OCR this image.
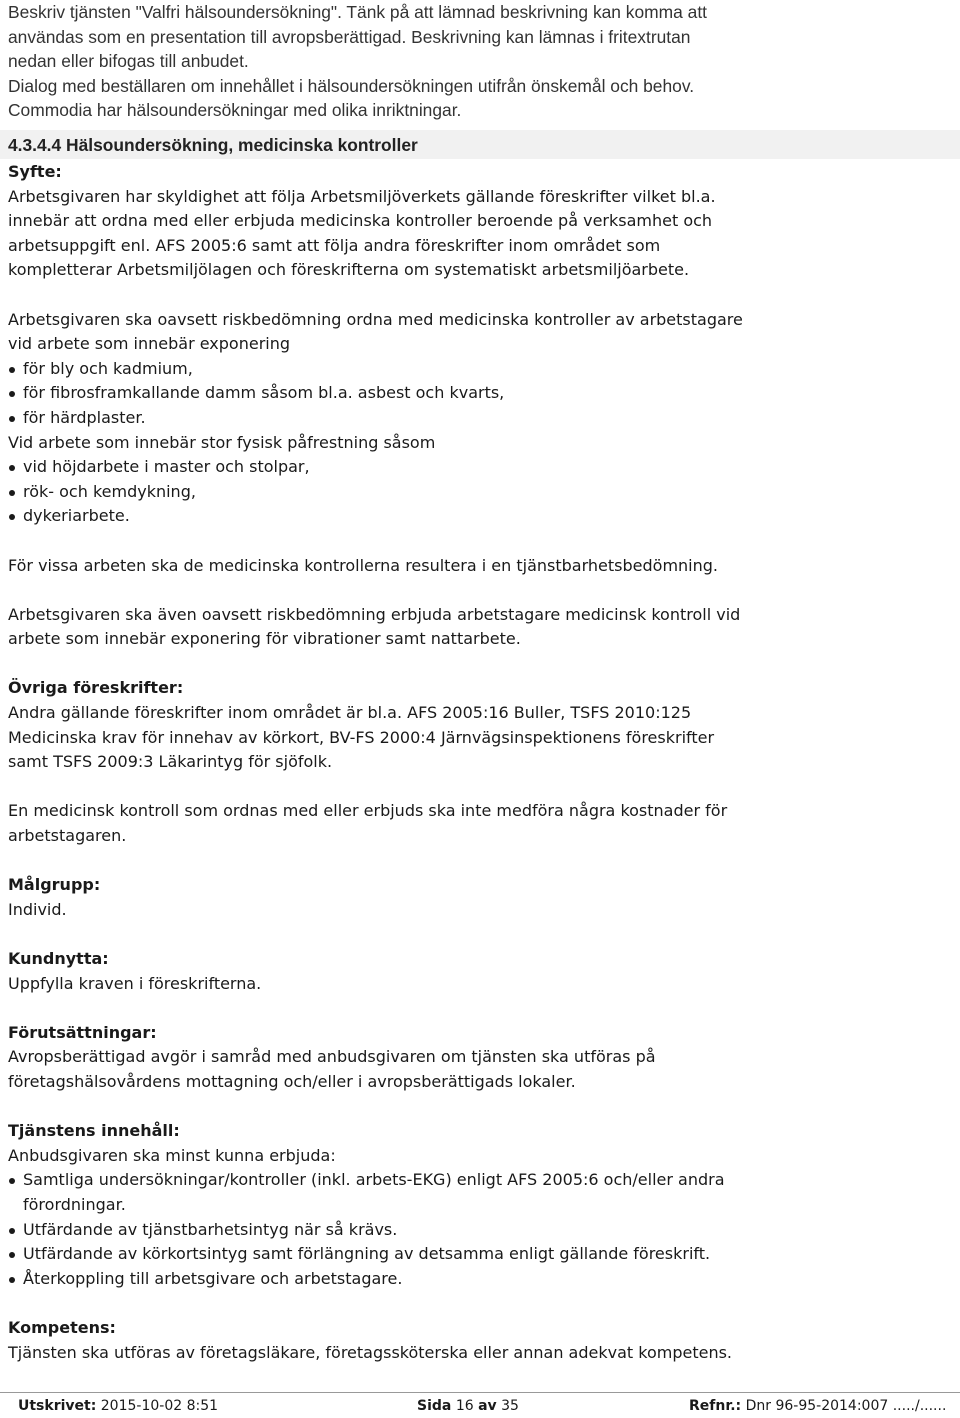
Beskriv tjänsten "Valfri hälsoundersökning". Tänk på att lämnad beskrivning kan komma att

användas som en presentation till avropsberättigad. Beskrivning kan lämnas i fritextrutan

nedan eller bifogas till anbudet.

Dialog med beställaren om innehållet i hälsoundersökningen utifrån önskemål och behov.

Commodia har hälsoundersökningar med olika inriktningar.

4.3.4.4 Hälsoundersökning, medicinska kontroller

Syfte:

Arbetsgivaren har skyldighet att följa Arbetsmiljöverkets gällande föreskrifter vilket bl.a.

innebär att ordna med eller erbjuda medicinska kontroller beroende på verksamhet och

arbetsuppgift enl. AFS 2005:6 samt att följa andra föreskrifter inom området som

kompletterar Arbetsmiljölagen och föreskrifterna om systematiskt arbetsmiljöarbete.

Arbetsgivaren ska oavsett riskbedömning ordna med medicinska kontroller av arbetstagare

vid arbete som innebär exponering

för bly och kadmium,
för fibrosframkallande damm såsom bl.a. asbest och kvarts,
för härdplaster.

Vid arbete som innebär stor fysisk påfrestning såsom

vid höjdarbete i master och stolpar,
rök- och kemdykning,
dykeriarbete.

För vissa arbeten ska de medicinska kontrollerna resultera i en tjänstbarhetsbedömning.

Arbetsgivaren ska även oavsett riskbedömning erbjuda arbetstagare medicinsk kontroll vid

arbete som innebär exponering för vibrationer samt nattarbete.

Övriga föreskrifter:

Andra gällande föreskrifter inom området är bl.a. AFS 2005:16 Buller, TSFS 2010:125

Medicinska krav för innehav av körkort, BV-FS 2000:4 Järnvägsinspektionens föreskrifter

samt TSFS 2009:3 Läkarintyg för sjöfolk.

En medicinsk kontroll som ordnas med eller erbjuds ska inte medföra några kostnader för

arbetstagaren.

Målgrupp:

Individ.

Kundnytta:

Uppfylla kraven i föreskrifterna.

Förutsättningar:

Avropsberättigad avgör i samråd med anbudsgivaren om tjänsten ska utföras på

företagshälsovårdens mottagning och/eller i avropsberättigads lokaler.

Tjänstens innehåll:

Anbudsgivaren ska minst kunna erbjuda:

Samtliga undersökningar/kontroller (inkl. arbets-EKG) enligt AFS 2005:6 och/eller andra förordningar.
Utfärdande av tjänstbarhetsintyg när så krävs.
Utfärdande av körkortsintyg samt förlängning av detsamma enligt gällande föreskrift.
Återkoppling till arbetsgivare och arbetstagare.

Kompetens:

Tjänsten ska utföras av företagsläkare, företagssköterska eller annan adekvat kompetens.

Utskrivet: 2015-10-02 8:51	Sida 16 av 35	Refnr.: Dnr 96-95-2014:007 ...../......
